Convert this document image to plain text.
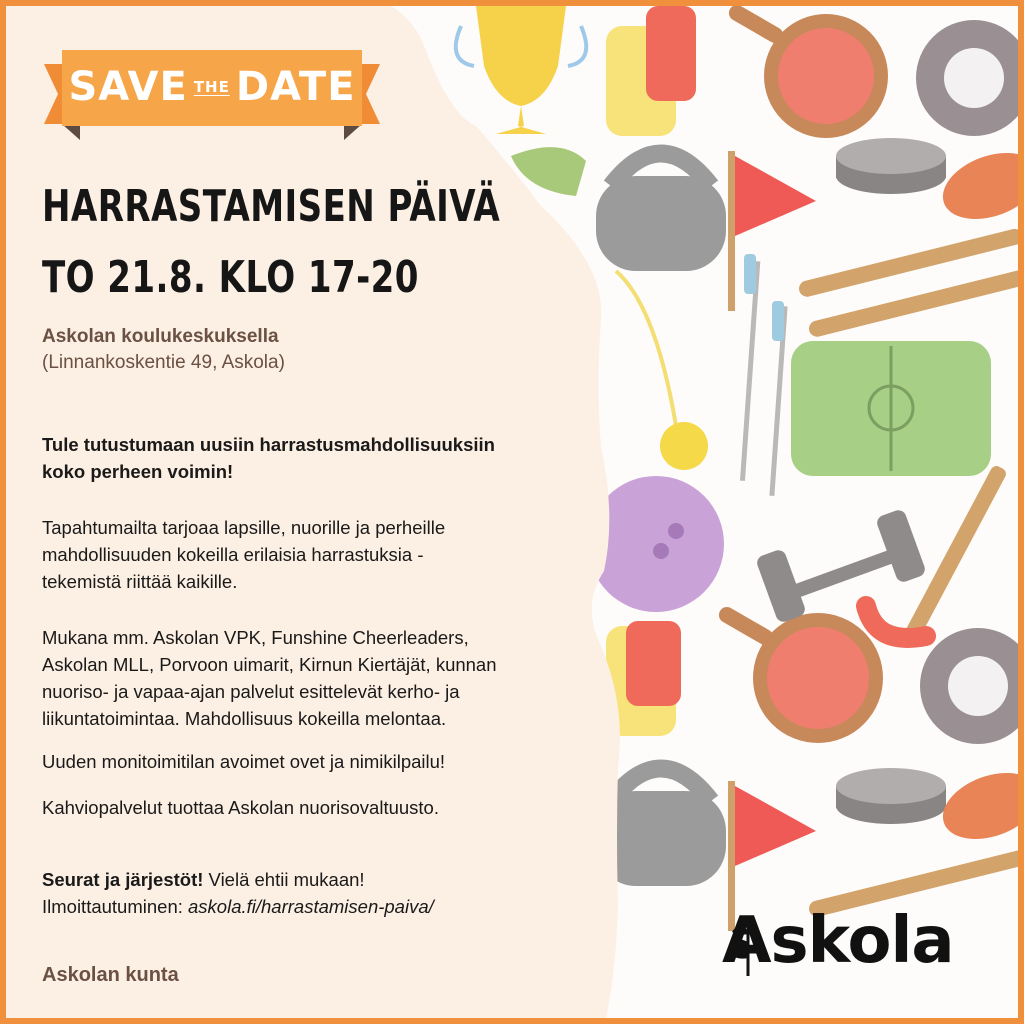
SAVE THE DATE
HARRASTAMISEN PÄIVÄ
TO 21.8. KLO 17-20
Askolan koulukeskuksella
(Linnankoskentie 49, Askola)
Tule tutustumaan uusiin harrastusmahdollisuuksiin
koko perheen voimin!
Tapahtumailta tarjoaa lapsille, nuorille ja perheille
mahdollisuuden kokeilla erilaisia harrastuksia -
tekemistä riittää kaikille.
Mukana mm. Askolan VPK, Funshine Cheerleaders,
Askolan MLL, Porvoon uimarit, Kirnun Kiertäjät, kunnan
nuoriso- ja vapaa-ajan palvelut esittelevät kerho- ja
liikuntatoimintaa. Mahdollisuus kokeilla melontaa.
Uuden monitoimitilan avoimet ovet ja nimikilpailu!
Kahviopalvelut tuottaa Askolan nuorisovaltuusto.
Seurat ja järjestöt! Vielä ehtii mukaan!
Ilmoittautuminen: askola.fi/harrastamisen-paiva/
Askolan kunta	Askola
